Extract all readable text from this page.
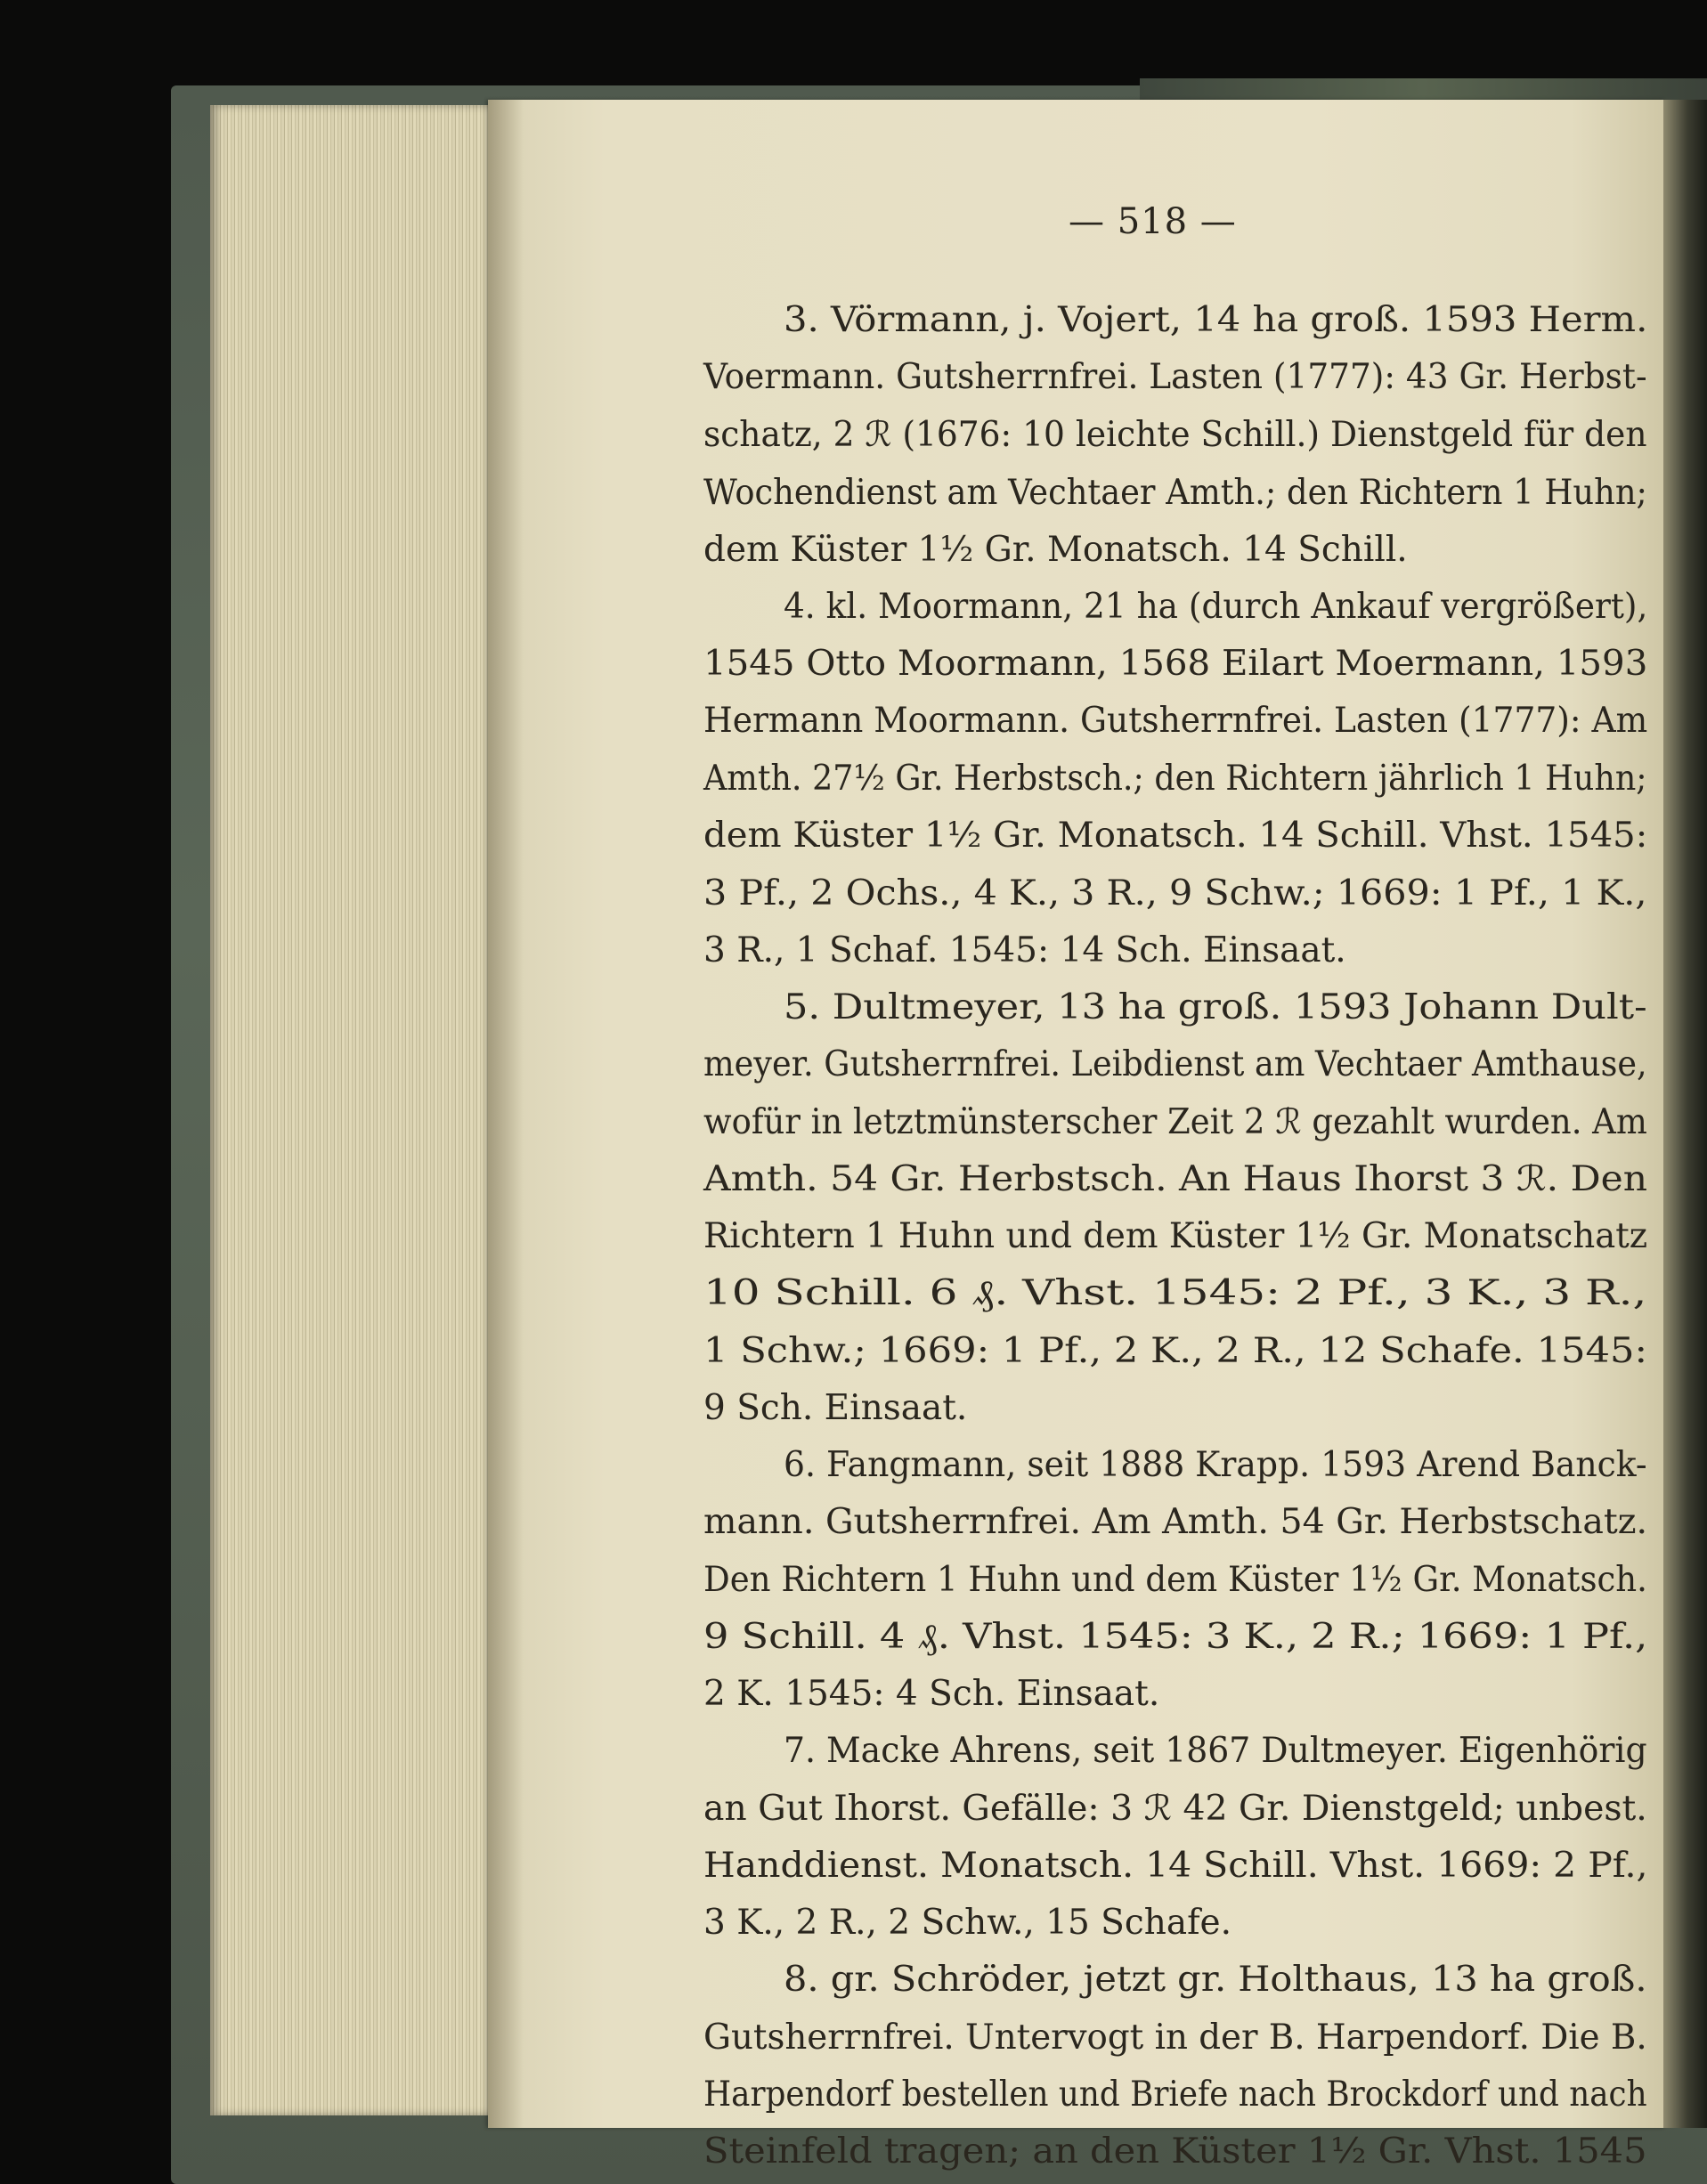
— 518 —
3. Vörmann, j. Vojert, 14 ha groß. 1593 Herm.
Voermann. Gutsherrnfrei. Lasten (1777): 43 Gr. Herbst-
schatz, 2 ℛ (1676: 10 leichte Schill.) Dienstgeld für den
Wochendienst am Vechtaer Amth.; den Richtern 1 Huhn;
dem Küster 1½ Gr. Monatsch. 14 Schill.
4. kl. Moormann, 21 ha (durch Ankauf vergrößert),
1545 Otto Moormann, 1568 Eilart Moermann, 1593
Hermann Moormann. Gutsherrnfrei. Lasten (1777): Am
Amth. 27½ Gr. Herbstsch.; den Richtern jährlich 1 Huhn;
dem Küster 1½ Gr. Monatsch. 14 Schill. Vhst. 1545:
3 Pf., 2 Ochs., 4 K., 3 R., 9 Schw.; 1669: 1 Pf., 1 K.,
3 R., 1 Schaf. 1545: 14 Sch. Einsaat.
5. Dultmeyer, 13 ha groß. 1593 Johann Dult-
meyer. Gutsherrnfrei. Leibdienst am Vechtaer Amthause,
wofür in letztmünsterscher Zeit 2 ℛ gezahlt wurden. Am
Amth. 54 Gr. Herbstsch. An Haus Ihorst 3 ℛ. Den
Richtern 1 Huhn und dem Küster 1½ Gr. Monatschatz
10 Schill. 6 ₰. Vhst. 1545: 2 Pf., 3 K., 3 R.,
1 Schw.; 1669: 1 Pf., 2 K., 2 R., 12 Schafe. 1545:
9 Sch. Einsaat.
6. Fangmann, seit 1888 Krapp. 1593 Arend Banck-
mann. Gutsherrnfrei. Am Amth. 54 Gr. Herbstschatz.
Den Richtern 1 Huhn und dem Küster 1½ Gr. Monatsch.
9 Schill. 4 ₰. Vhst. 1545: 3 K., 2 R.; 1669: 1 Pf.,
2 K. 1545: 4 Sch. Einsaat.
7. Macke Ahrens, seit 1867 Dultmeyer. Eigenhörig
an Gut Ihorst. Gefälle: 3 ℛ 42 Gr. Dienstgeld; unbest.
Handdienst. Monatsch. 14 Schill. Vhst. 1669: 2 Pf.,
3 K., 2 R., 2 Schw., 15 Schafe.
8. gr. Schröder, jetzt gr. Holthaus, 13 ha groß.
Gutsherrnfrei. Untervogt in der B. Harpendorf. Die B.
Harpendorf bestellen und Briefe nach Brockdorf und nach
Steinfeld tragen; an den Küster 1½ Gr. Vhst. 1545
